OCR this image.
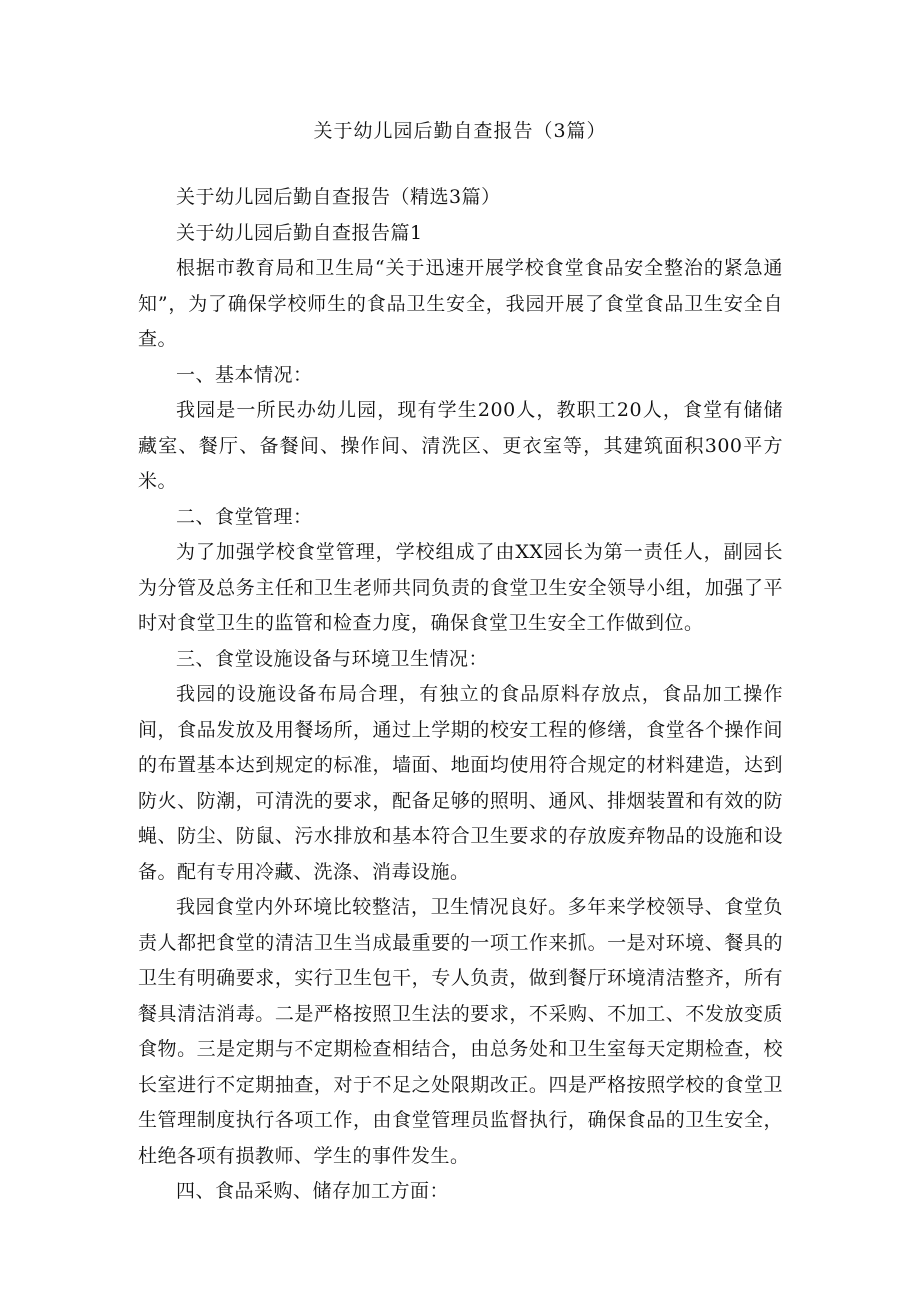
关于幼儿园后勤自查报告（3篇）

关于幼儿园后勤自查报告（精选3篇）

关于幼儿园后勤自查报告篇1

根据市教育局和卫生局“关于迅速开展学校食堂食品安全整治的紧急通知”，为了确保学校师生的食品卫生安全，我园开展了食堂食品卫生安全自查。

一、基本情况：

我园是一所民办幼儿园，现有学生200人，教职工20人，食堂有储储藏室、餐厅、备餐间、操作间、清洗区、更衣室等，其建筑面积300平方米。

二、食堂管理：

为了加强学校食堂管理，学校组成了由XX园长为第一责任人，副园长为分管及总务主任和卫生老师共同负责的食堂卫生安全领导小组，加强了平时对食堂卫生的监管和检查力度，确保食堂卫生安全工作做到位。

三、食堂设施设备与环境卫生情况：

我园的设施设备布局合理，有独立的食品原料存放点，食品加工操作间，食品发放及用餐场所，通过上学期的校安工程的修缮，食堂各个操作间的布置基本达到规定的标准，墙面、地面均使用符合规定的材料建造，达到防火、防潮，可清洗的要求，配备足够的照明、通风、排烟装置和有效的防蝇、防尘、防鼠、污水排放和基本符合卫生要求的存放废弃物品的设施和设备。配有专用冷藏、洗涤、消毒设施。

我园食堂内外环境比较整洁，卫生情况良好。多年来学校领导、食堂负责人都把食堂的清洁卫生当成最重要的一项工作来抓。一是对环境、餐具的卫生有明确要求，实行卫生包干，专人负责，做到餐厅环境清洁整齐，所有餐具清洁消毒。二是严格按照卫生法的要求，不采购、不加工、不发放变质食物。三是定期与不定期检查相结合，由总务处和卫生室每天定期检查，校长室进行不定期抽查，对于不足之处限期改正。四是严格按照学校的食堂卫生管理制度执行各项工作，由食堂管理员监督执行，确保食品的卫生安全，杜绝各项有损教师、学生的事件发生。

四、食品采购、储存加工方面：
